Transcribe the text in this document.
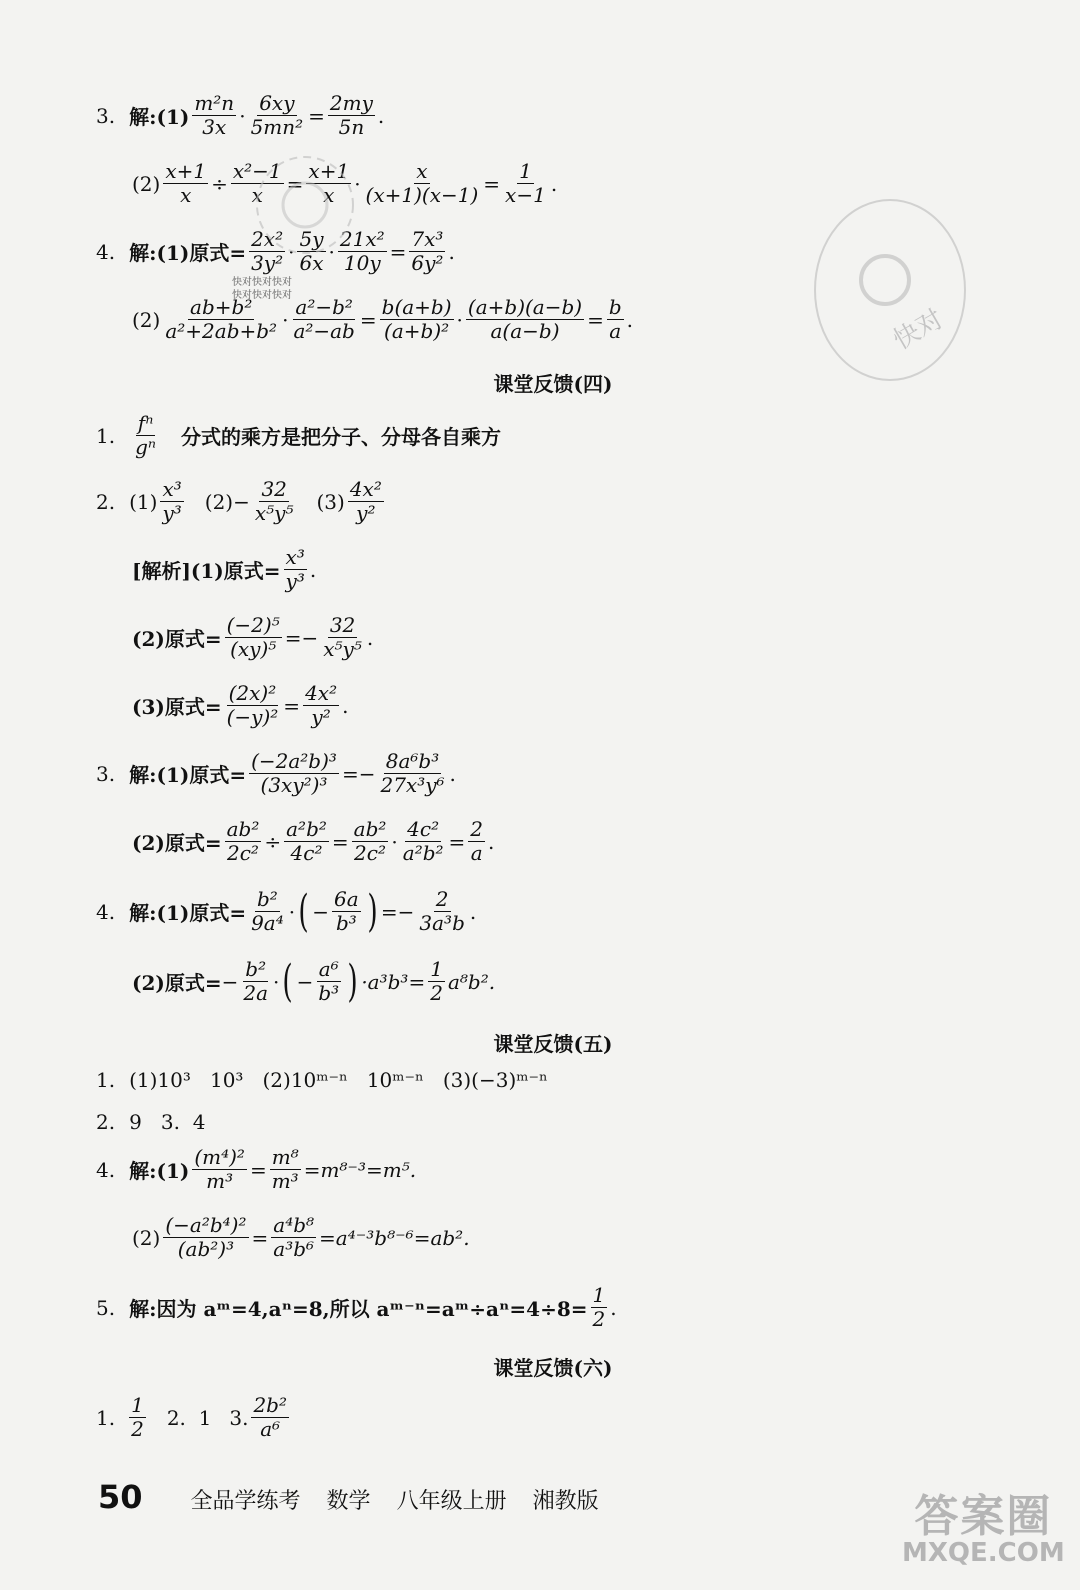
3. 解:(1) $\frac{\text{m²n}}{3x} \cdot \frac{6xy}{\text{5mn²}} = \frac{2my}{5n}$ .
$(2) \frac{x+1}{x} \div \frac{\text{x²−1}}{x} = \frac{x+1}{x} \cdot \frac{x}{(x+1)(x-1)} = \frac{1}{x-1}$ .
4. 解:(1)原式= $\frac{\text{2x²}}{\text{3y²}} \cdot \frac{5y}{6x} \cdot \frac{\text{21x²}}{10y} = \frac{\text{7x³}}{\text{6y²}}$ .
$(2) \frac{\text{ab+b²}}{\text{a²+2ab+b²}} \cdot \frac{\text{a²−b²}}{\text{a²−ab}} = \frac{b(a+b)}{\text{(a+b)²}} \cdot \frac{(a+b)(a-b)}{a(a-b)} = \frac{b}{a}$ .
课堂反馈(四)
1. $\frac{\text{fⁿ}}{\text{gⁿ}}$ 分式的乘方是把分子、分母各自乘方
2. $(1) \frac{\text{x³}}{\text{y³}} (2)- \frac{32}{\text{x⁵y⁵}} (3) \frac{\text{4x²}}{\text{y²}}$
[解析](1)原式= $\frac{\text{x³}}{\text{y³}}$ .
(2)原式= $\frac{\text{(−2)⁵}}{\text{(xy)⁵}}$ = − $\frac{32}{\text{x⁵y⁵}}$ .
(3)原式= $\frac{\text{(2x)²}}{\text{(−y)²}} = \frac{\text{4x²}}{\text{y²}}$ .
3. 解:(1)原式= $\frac{\text{(−2a²b)³}}{\text{(3xy²)³}}$ = − $\frac{\text{8a⁶b³}}{\text{27x³y⁶}}$ .
(2)原式= $\frac{\text{ab²}}{\text{2c²}} \div \frac{\text{a²b²}}{\text{4c²}} = \frac{\text{ab²}}{\text{2c²}} \cdot \frac{\text{4c²}}{\text{a²b²}} = \frac{2}{a}$ .
4. 解:(1)原式= $\frac{\text{b²}}{\text{9a⁴}}$ · ( − $\frac{6a}{\text{b³}}$ ) = − $\frac{2}{\text{3a³b}}$ .
(2)原式= − $\frac{\text{b²}}{2a}$ · ( − $\frac{\text{a⁶}}{\text{b³}}$ ) $\cdot a^3b^3= \frac{1}{2} a^8b^2$.
课堂反馈(五)
1. (1)10³   10³   (2)10ᵐ⁻ⁿ   10ᵐ⁻ⁿ   (3)(−3)ᵐ⁻ⁿ
2. 9   3.  4
4. 解:(1) $\frac{\text{(m⁴)²}}{\text{m³}} = \frac{\text{m⁸}}{\text{m³}} =m^{8-3}=m^5$.
$(2) \frac{\text{(−a²b⁴)²}}{\text{(ab²)³}} = \frac{\text{a⁴b⁸}}{\text{a³b⁶}} =a^{4-3}b^{8-6}=ab^2$.
5. 解:因为 aᵐ=4,aⁿ=8,所以 aᵐ⁻ⁿ=aᵐ÷aⁿ=4÷8= $\frac{1}{2}$ .
课堂反馈(六)
1. $\frac{1}{2} 2$.  1 3. $\frac{\text{2b²}}{\text{a⁶}}$
50 全品学练考 数学 八年级上册 湘教版
快对快对快对
快对快对快对
快对
答案圈
MXQE.COM
